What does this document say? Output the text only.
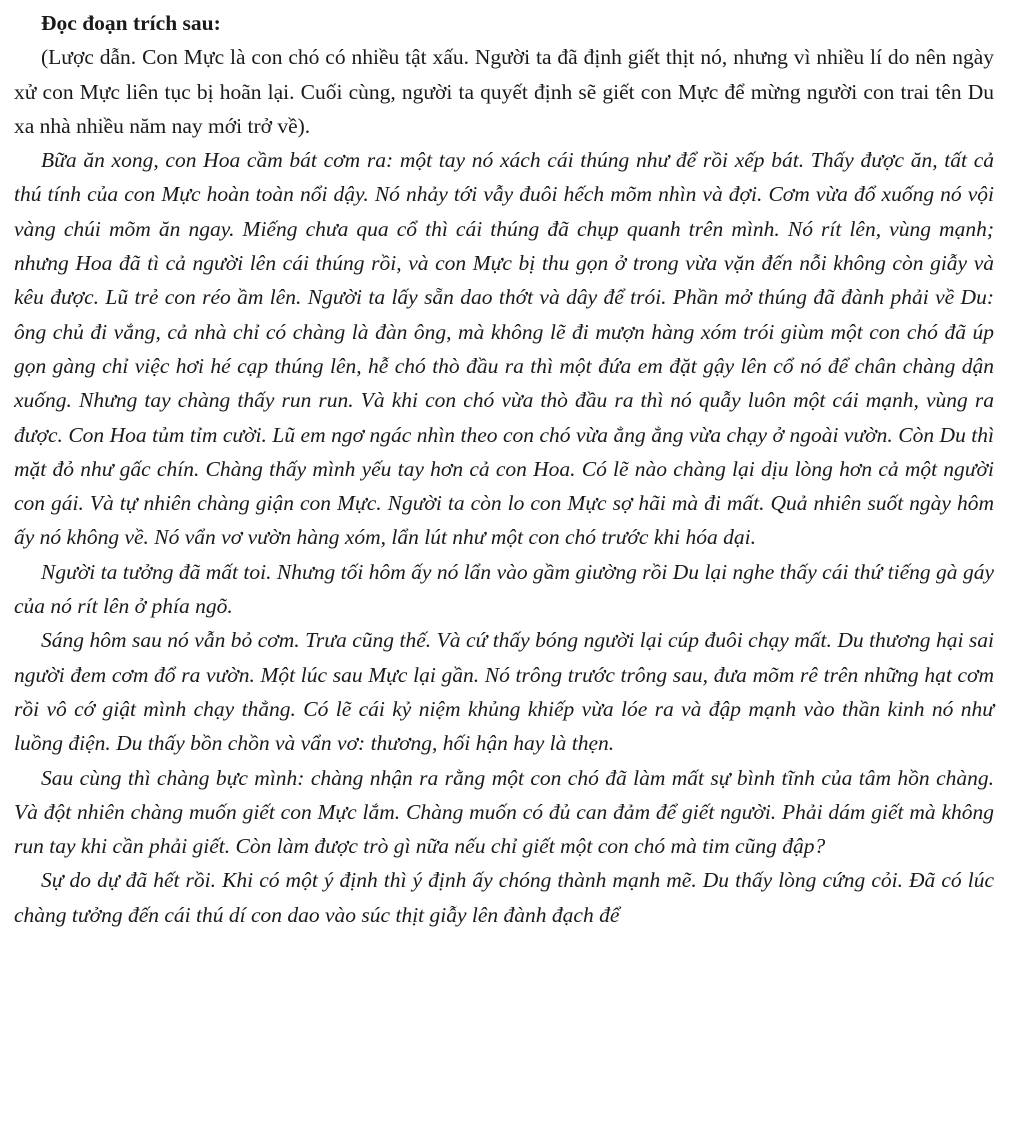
Đọc đoạn trích sau:

(Lược dẫn. Con Mực là con chó có nhiều tật xấu. Người ta đã định giết thịt nó, nhưng vì nhiều lí do nên ngày xử con Mực liên tục bị hoãn lại. Cuối cùng, người ta quyết định sẽ giết con Mực để mừng người con trai tên Du xa nhà nhiều năm nay mới trở về).

Bữa ăn xong, con Hoa cầm bát cơm ra: một tay nó xách cái thúng như để rồi xếp bát. Thấy được ăn, tất cả thú tính của con Mực hoàn toàn nổi dậy. Nó nhảy tới vẫy đuôi hếch mõm nhìn và đợi. Cơm vừa đổ xuống nó vội vàng chúi mõm ăn ngay. Miếng chưa qua cổ thì cái thúng đã chụp quanh trên mình. Nó rít lên, vùng mạnh; nhưng Hoa đã tì cả người lên cái thúng rồi, và con Mực bị thu gọn ở trong vừa vặn đến nỗi không còn giẫy và kêu được. Lũ trẻ con réo ầm lên. Người ta lấy sẵn dao thớt và dây để trói. Phần mở thúng đã đành phải về Du: ông chủ đi vắng, cả nhà chỉ có chàng là đàn ông, mà không lẽ đi mượn hàng xóm trói giùm một con chó đã úp gọn gàng chỉ việc hơi hé cạp thúng lên, hễ chó thò đầu ra thì một đứa em đặt gậy lên cổ nó để chân chàng dận xuống. Nhưng tay chàng thấy run run. Và khi con chó vừa thò đầu ra thì nó quẫy luôn một cái mạnh, vùng ra được. Con Hoa tủm tỉm cười. Lũ em ngơ ngác nhìn theo con chó vừa ẳng ẳng vừa chạy ở ngoài vườn. Còn Du thì mặt đỏ như gấc chín. Chàng thấy mình yếu tay hơn cả con Hoa. Có lẽ nào chàng lại dịu lòng hơn cả một người con gái. Và tự nhiên chàng giận con Mực. Người ta còn lo con Mực sợ hãi mà đi mất. Quả nhiên suốt ngày hôm ấy nó không về. Nó vẩn vơ vườn hàng xóm, lẩn lút như một con chó trước khi hóa dại.

Người ta tưởng đã mất toi. Nhưng tối hôm ấy nó lẩn vào gầm giường rồi Du lại nghe thấy cái thứ tiếng gà gáy của nó rít lên ở phía ngõ.

Sáng hôm sau nó vẫn bỏ cơm. Trưa cũng thế. Và cứ thấy bóng người lại cúp đuôi chạy mất. Du thương hại sai người đem cơm đổ ra vườn. Một lúc sau Mực lại gần. Nó trông trước trông sau, đưa mõm rê trên những hạt cơm rồi vô cớ giật mình chạy thẳng. Có lẽ cái kỷ niệm khủng khiếp vừa lóe ra và đập mạnh vào thần kinh nó như luồng điện. Du thấy bồn chồn và vẩn vơ: thương, hối hận hay là thẹn.

Sau cùng thì chàng bực mình: chàng nhận ra rằng một con chó đã làm mất sự bình tĩnh của tâm hồn chàng. Và đột nhiên chàng muốn giết con Mực lắm. Chàng muốn có đủ can đảm để giết người. Phải dám giết mà không run tay khi cần phải giết. Còn làm được trò gì nữa nếu chỉ giết một con chó mà tim cũng đập?

Sự do dự đã hết rồi. Khi có một ý định thì ý định ấy chóng thành mạnh mẽ. Du thấy lòng cứng cỏi. Đã có lúc chàng tưởng đến cái thú dí con dao vào súc thịt giẫy lên đành đạch để
